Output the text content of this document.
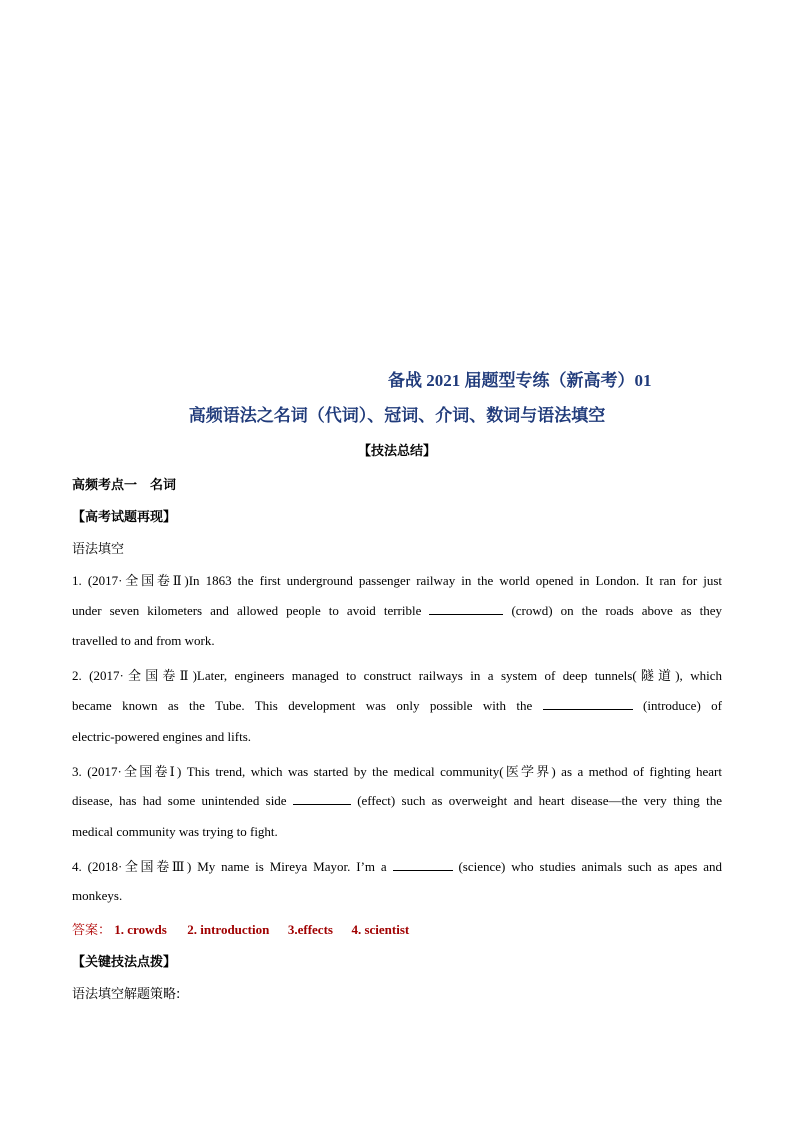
备战 2021 届题型专练（新高考）01
高频语法之名词（代词）、冠词、介词、数词与语法填空
【技法总结】
高频考点一　名词
【高考试题再现】
语法填空
1. (2017·全国卷Ⅱ)In 1863 the first underground passenger railway in the world opened in London. It ran for just
under seven kilometers and allowed people to avoid terrible	(crowd) on the roads above as they
travelled to and from work.
2. (2017·全国卷Ⅱ)Later, engineers managed to construct railways in a system of deep tunnels(隧道), which
became known as the Tube. This development was only possible with the	(introduce) of
electric-powered engines and lifts.
3. (2017·全国卷Ⅰ) This trend, which was started by the medical community(医学界) as a method of fighting heart
disease, has had some unintended side	(effect) such as overweight and heart disease—the very thing the
medical community was trying to fight.
4. (2018·全国卷Ⅲ) My name is Mireya Mayor. I’m a	(science) who studies animals such as apes and
monkeys.
答案： 1. crowds 2. introduction 3.effects 4. scientist
【关键技法点拨】
语法填空解题策略:
